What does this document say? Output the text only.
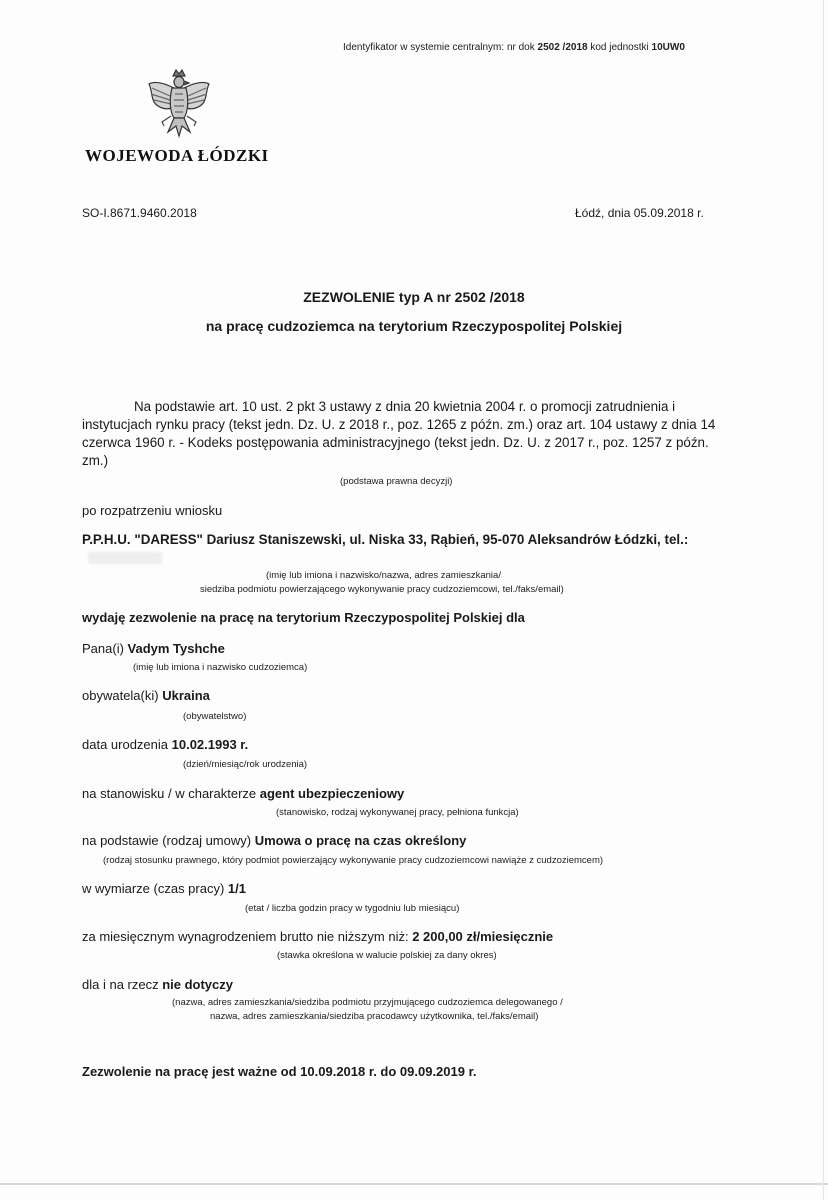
Identyfikator w systemie centralnym: nr dok 2502 /2018 kod jednostki 10UW0
WOJEWODA ŁÓDZKI
SO-I.8671.9460.2018	Łódź, dnia 05.09.2018 r.
ZEZWOLENIE typ A nr 2502 /2018
na pracę cudzoziemca na terytorium Rzeczypospolitej Polskiej
Na podstawie art. 10 ust. 2 pkt 3 ustawy z dnia 20 kwietnia 2004 r. o promocji zatrudnienia i instytucjach rynku pracy (tekst jedn. Dz. U. z 2018 r., poz. 1265 z późn. zm.) oraz art. 104 ustawy z dnia 14 czerwca 1960 r. - Kodeks postępowania administracyjnego (tekst jedn. Dz. U. z 2017 r., poz. 1257 z późn. zm.)
(podstawa prawna decyzji)
po rozpatrzeniu wniosku
P.P.H.U. "DARESS" Dariusz Staniszewski, ul. Niska 33, Rąbień, 95-070 Aleksandrów Łódzki, tel.:
(imię lub imiona i nazwisko/nazwa, adres zamieszkania/
siedziba podmiotu powierzającego wykonywanie pracy cudzoziemcowi, tel./faks/email)
wydaję zezwolenie na pracę na terytorium Rzeczypospolitej Polskiej dla
Pana(i) Vadym Tyshche
(imię lub imiona i nazwisko cudzoziemca)
obywatela(ki) Ukraina
(obywatelstwo)
data urodzenia 10.02.1993 r.
(dzień/miesiąc/rok urodzenia)
na stanowisku / w charakterze agent ubezpieczeniowy
(stanowisko, rodzaj wykonywanej pracy, pełniona funkcja)
na podstawie (rodzaj umowy) Umowa o pracę na czas określony
(rodzaj stosunku prawnego, który podmiot powierzający wykonywanie pracy cudzoziemcowi nawiąże z cudzoziemcem)
w wymiarze (czas pracy) 1/1
(etat / liczba godzin pracy w tygodniu lub miesiącu)
za miesięcznym wynagrodzeniem brutto nie niższym niż: 2 200,00 zł/miesięcznie
(stawka określona w walucie polskiej za dany okres)
dla i na rzecz nie dotyczy
(nazwa, adres zamieszkania/siedziba podmiotu przyjmującego cudzoziemca delegowanego /
nazwa, adres zamieszkania/siedziba pracodawcy użytkownika, tel./faks/email)
Zezwolenie na pracę jest ważne od 10.09.2018 r. do 09.09.2019 r.
